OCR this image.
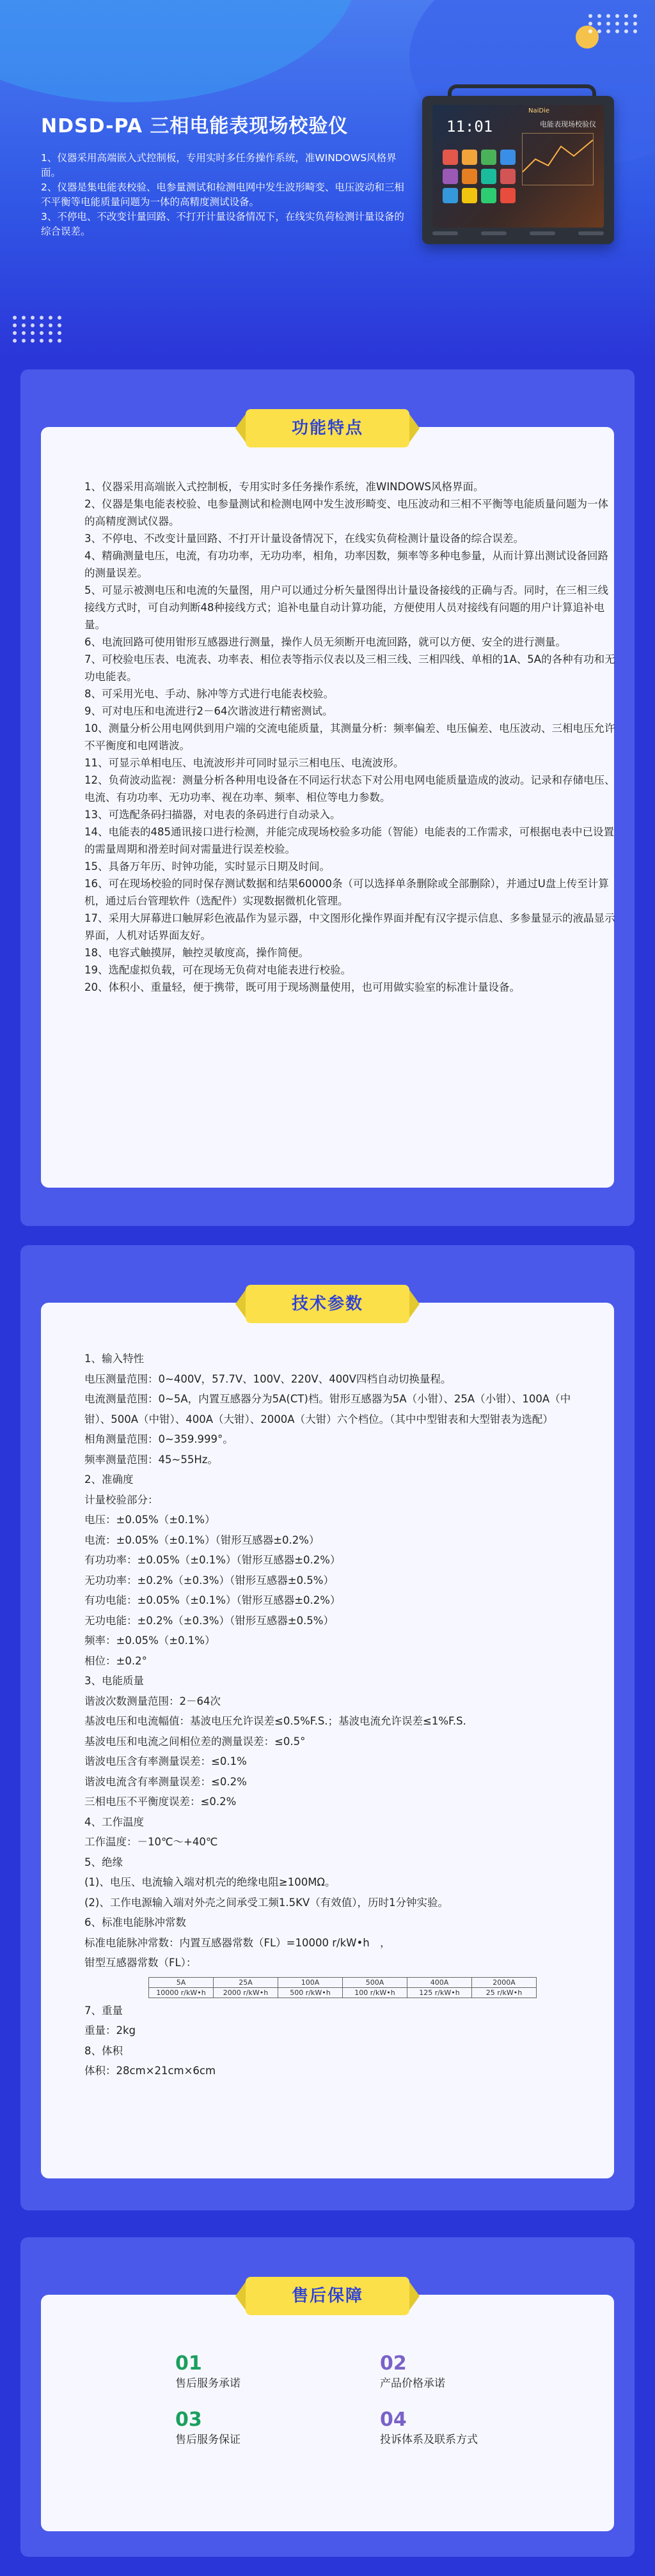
NDSD-PA 三相电能表现场校验仪

1、仪器采用高端嵌入式控制板，专用实时多任务操作系统，准WINDOWS风格界面。

2、仪器是集电能表校验、电参量测试和检测电网中发生波形畸变、电压波动和三相不平衡等电能质量问题为一体的高精度测试设备。

3、不停电、不改变计量回路、不打开计量设备情况下，在线实负荷检测计量设备的综合误差。

NaiDie
11:01	电能表现场校验仪
功能特点
1、仪器采用高端嵌入式控制板，专用实时多任务操作系统，准WINDOWS风格界面。
2、仪器是集电能表校验、电参量测试和检测电网中发生波形畸变、电压波动和三相不平衡等电能质量问题为一体的高精度测试仪器。
3、不停电、不改变计量回路、不打开计量设备情况下，在线实负荷检测计量设备的综合误差。
4、精确测量电压，电流，有功功率，无功功率，相角，功率因数，频率等多种电参量，从而计算出测试设备回路的测量误差。
5、可显示被测电压和电流的矢量图，用户可以通过分析矢量图得出计量设备接线的正确与否。同时，在三相三线接线方式时，可自动判断48种接线方式；追补电量自动计算功能，方便使用人员对接线有问题的用户计算追补电量。
6、电流回路可使用钳形互感器进行测量，操作人员无须断开电流回路，就可以方便、安全的进行测量。
7、可校验电压表、电流表、功率表、相位表等指示仪表以及三相三线、三相四线、单相的1A、5A的各种有功和无功电能表。
8、可采用光电、手动、脉冲等方式进行电能表校验。
9、可对电压和电流进行2－64次谐波进行精密测试。
10、测量分析公用电网供到用户端的交流电能质量，其测量分析：频率偏差、电压偏差、电压波动、三相电压允许不平衡度和电网谐波。
11、可显示单相电压、电流波形并可同时显示三相电压、电流波形。
12、负荷波动监视：测量分析各种用电设备在不同运行状态下对公用电网电能质量造成的波动。记录和存储电压、电流、有功功率、无功功率、视在功率、频率、相位等电力参数。
13、可选配条码扫描器，对电表的条码进行自动录入。
14、电能表的485通讯接口进行检测，并能完成现场校验多功能（智能）电能表的工作需求，可根据电表中已设置的需量周期和滑差时间对需量进行误差校验。
15、具备万年历、时钟功能，实时显示日期及时间。
16、可在现场校验的同时保存测试数据和结果60000条（可以选择单条删除或全部删除），并通过U盘上传至计算机，通过后台管理软件（选配件）实现数据微机化管理。
17、采用大屏幕进口触屏彩色液晶作为显示器，中文图形化操作界面并配有汉字提示信息、多参量显示的液晶显示界面，人机对话界面友好。
18、电容式触摸屏，触控灵敏度高，操作简便。
19、选配虚拟负载，可在现场无负荷对电能表进行校验。
20、体积小、重量轻，便于携带，既可用于现场测量使用，也可用做实验室的标准计量设备。
技术参数
1、输入特性
电压测量范围：0~400V，57.7V、100V、220V、400V四档自动切换量程。
电流测量范围：0~5A，内置互感器分为5A(CT)档。钳形互感器为5A（小钳）、25A（小钳）、100A（中钳）、500A（中钳）、400A（大钳）、2000A（大钳）六个档位。（其中中型钳表和大型钳表为选配）
相角测量范围：0~359.999°。
频率测量范围：45~55Hz。
2、准确度
计量校验部分：
电压：±0.05%（±0.1%）
电流：±0.05%（±0.1%）（钳形互感器±0.2%）
有功功率：±0.05%（±0.1%）（钳形互感器±0.2%）
无功功率：±0.2%（±0.3%）（钳形互感器±0.5%）
有功电能：±0.05%（±0.1%）（钳形互感器±0.2%）
无功电能：±0.2%（±0.3%）（钳形互感器±0.5%）
频率：±0.05%（±0.1%）
相位：±0.2°
3、电能质量
谐波次数测量范围：2－64次
基波电压和电流幅值：基波电压允许误差≤0.5%F.S.；基波电流允许误差≤1%F.S.
基波电压和电流之间相位差的测量误差：≤0.5°
谐波电压含有率测量误差：≤0.1%
谐波电流含有率测量误差：≤0.2%
三相电压不平衡度误差：≤0.2%
4、工作温度
工作温度：－10℃～+40℃
5、绝缘
(1)、电压、电流输入端对机壳的绝缘电阻≥100MΩ。
(2)、工作电源输入端对外壳之间承受工频1.5KV（有效值），历时1分钟实验。
6、标准电能脉冲常数
标准电能脉冲常数：内置互感器常数（FL）=10000 r/kW•h　，
钳型互感器常数（FL）：
5A	25A	100A	500A	400A	2000A
10000 r/kW•h	2000 r/kW•h	500 r/kW•h	100 r/kW•h	125 r/kW•h	25 r/kW•h
7、重量
重量：2kg
8、体积
体积：28cm×21cm×6cm
售后保障
01
售后服务承诺
02
产品价格承诺
03
售后服务保证
04
投诉体系及联系方式
